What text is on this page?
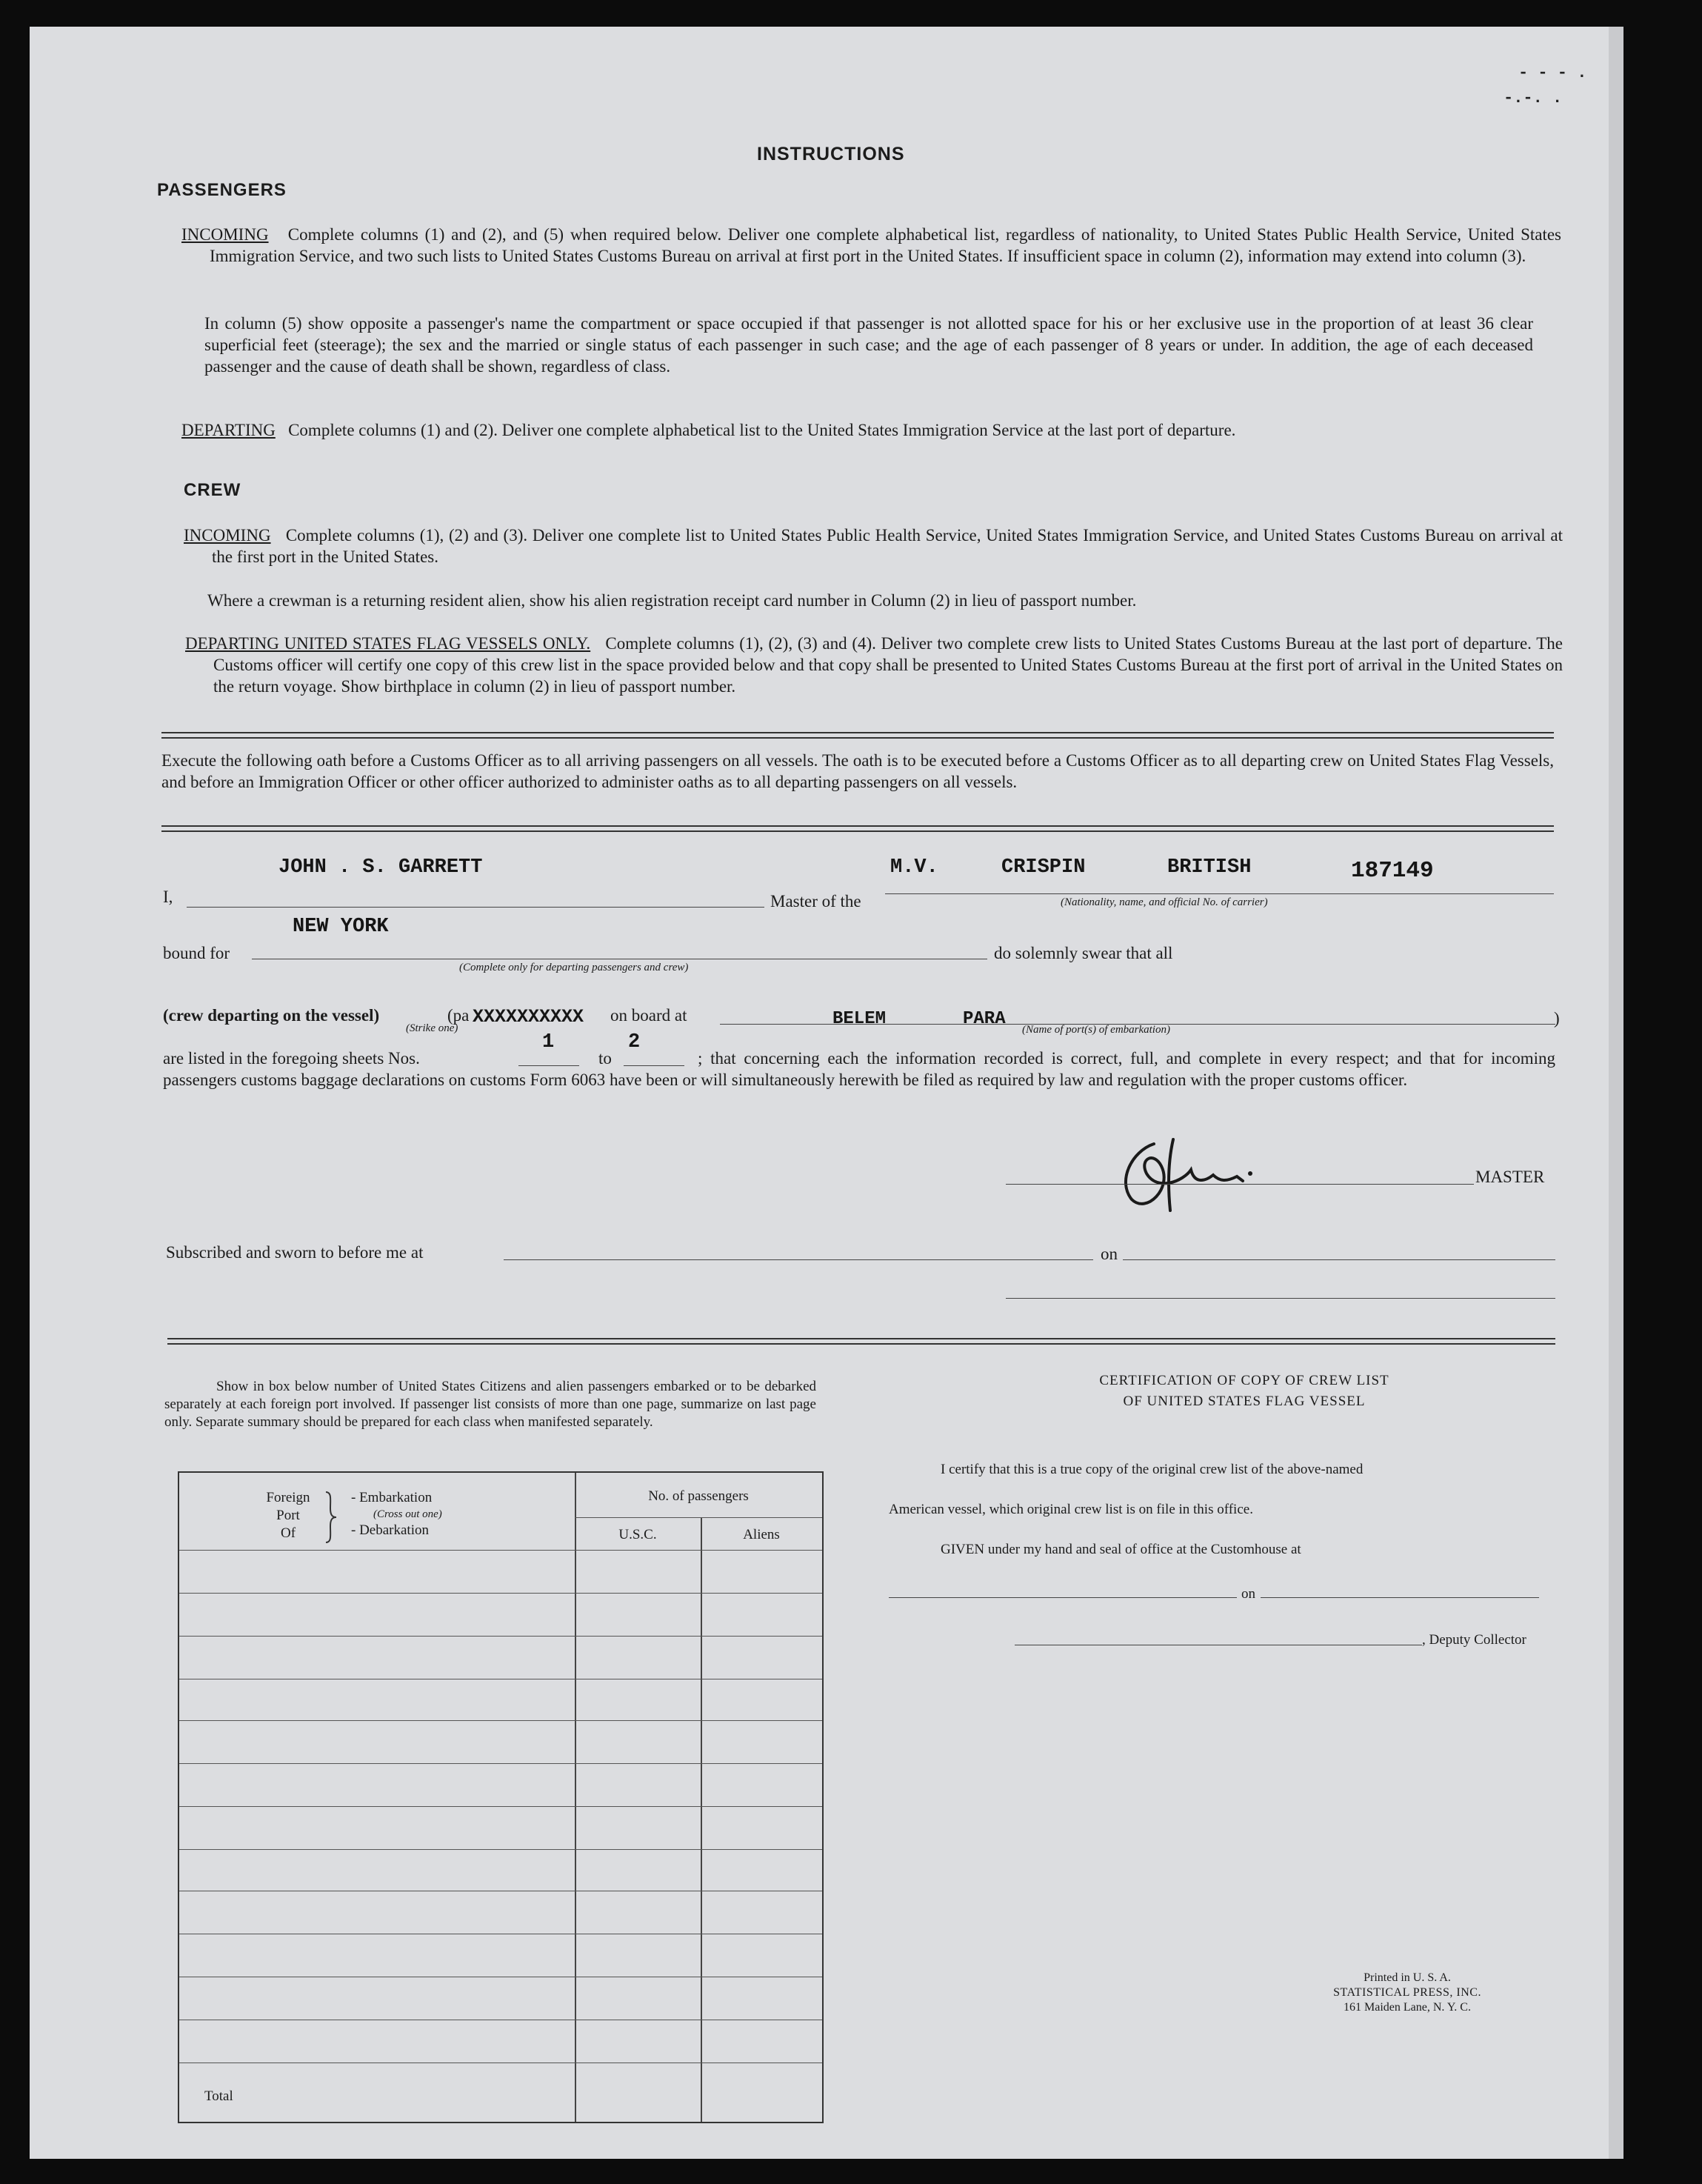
- - - .
-.-. .
INSTRUCTIONS
PASSENGERS
INCOMING Complete columns (1) and (2), and (5) when required below. Deliver one complete alphabetical list, regardless of nationality, to United States Public Health Service, United States Immigration Service, and two such lists to United States Customs Bureau on arrival at first port in the United States. If insufficient space in column (2), information may extend into column (3).
In column (5) show opposite a passenger's name the compartment or space occupied if that passenger is not allotted space for his or her exclusive use in the proportion of at least 36 clear superficial feet (steerage); the sex and the married or single status of each passenger in such case; and the age of each passenger of 8 years or under. In addition, the age of each deceased passenger and the cause of death shall be shown, regardless of class.
DEPARTING Complete columns (1) and (2). Deliver one complete alphabetical list to the United States Immigration Service at the last port of departure.
CREW
INCOMING Complete columns (1), (2) and (3). Deliver one complete list to United States Public Health Service, United States Immigration Service, and United States Customs Bureau on arrival at the first port in the United States.
Where a crewman is a returning resident alien, show his alien registration receipt card number in Column (2) in lieu of passport number.
DEPARTING UNITED STATES FLAG VESSELS ONLY. Complete columns (1), (2), (3) and (4). Deliver two complete crew lists to United States Customs Bureau at the last port of departure. The Customs officer will certify one copy of this crew list in the space provided below and that copy shall be presented to United States Customs Bureau at the first port of arrival in the United States on the return voyage. Show birthplace in column (2) in lieu of passport number.
Execute the following oath before a Customs Officer as to all arriving passengers on all vessels. The oath is to be executed before a Customs Officer as to all departing crew on United States Flag Vessels, and before an Immigration Officer or other officer authorized to administer oaths as to all departing passengers on all vessels.
I,
JOHN . S. GARRETT
Master of the
M.V.	CRISPIN	BRITISH	187149
(Nationality, name, and official No. of carrier)
bound for
NEW YORK
(Complete only for departing passengers and crew)
do solemnly swear that all
(crew departing on the vessel)	(pa XXXXXXXXXX
(Strike one)
on board at	BELEM	PARA
(Name of port(s) of embarkation)
)
are listed in the foregoing sheets Nos.
1
to
2
; that concerning each the information recorded is correct, full, and complete in every respect; and that for incoming passengers customs baggage declarations on customs Form 6063 have been or will simultaneously herewith be filed as required by law and regulation with the proper customs officer.
MASTER
Subscribed and sworn to before me at	on
Show in box below number of United States Citizens and alien passengers embarked or to be debarked separately at each foreign port involved. If passenger list consists of more than one page, summarize on last page only. Separate summary should be prepared for each class when manifested separately.
Foreign
Port
Of
- Embarkation
(Cross out one)
- Debarkation
No. of passengers
U.S.C.	Aliens
Total
CERTIFICATION OF COPY OF CREW LIST
OF UNITED STATES FLAG VESSEL
I certify that this is a true copy of the original crew list of the above-named
American vessel, which original crew list is on file in this office.
GIVEN under my hand and seal of office at the Customhouse at
on
, Deputy Collector
Printed in U. S. A.
STATISTICAL PRESS, INC.
161 Maiden Lane, N. Y. C.
